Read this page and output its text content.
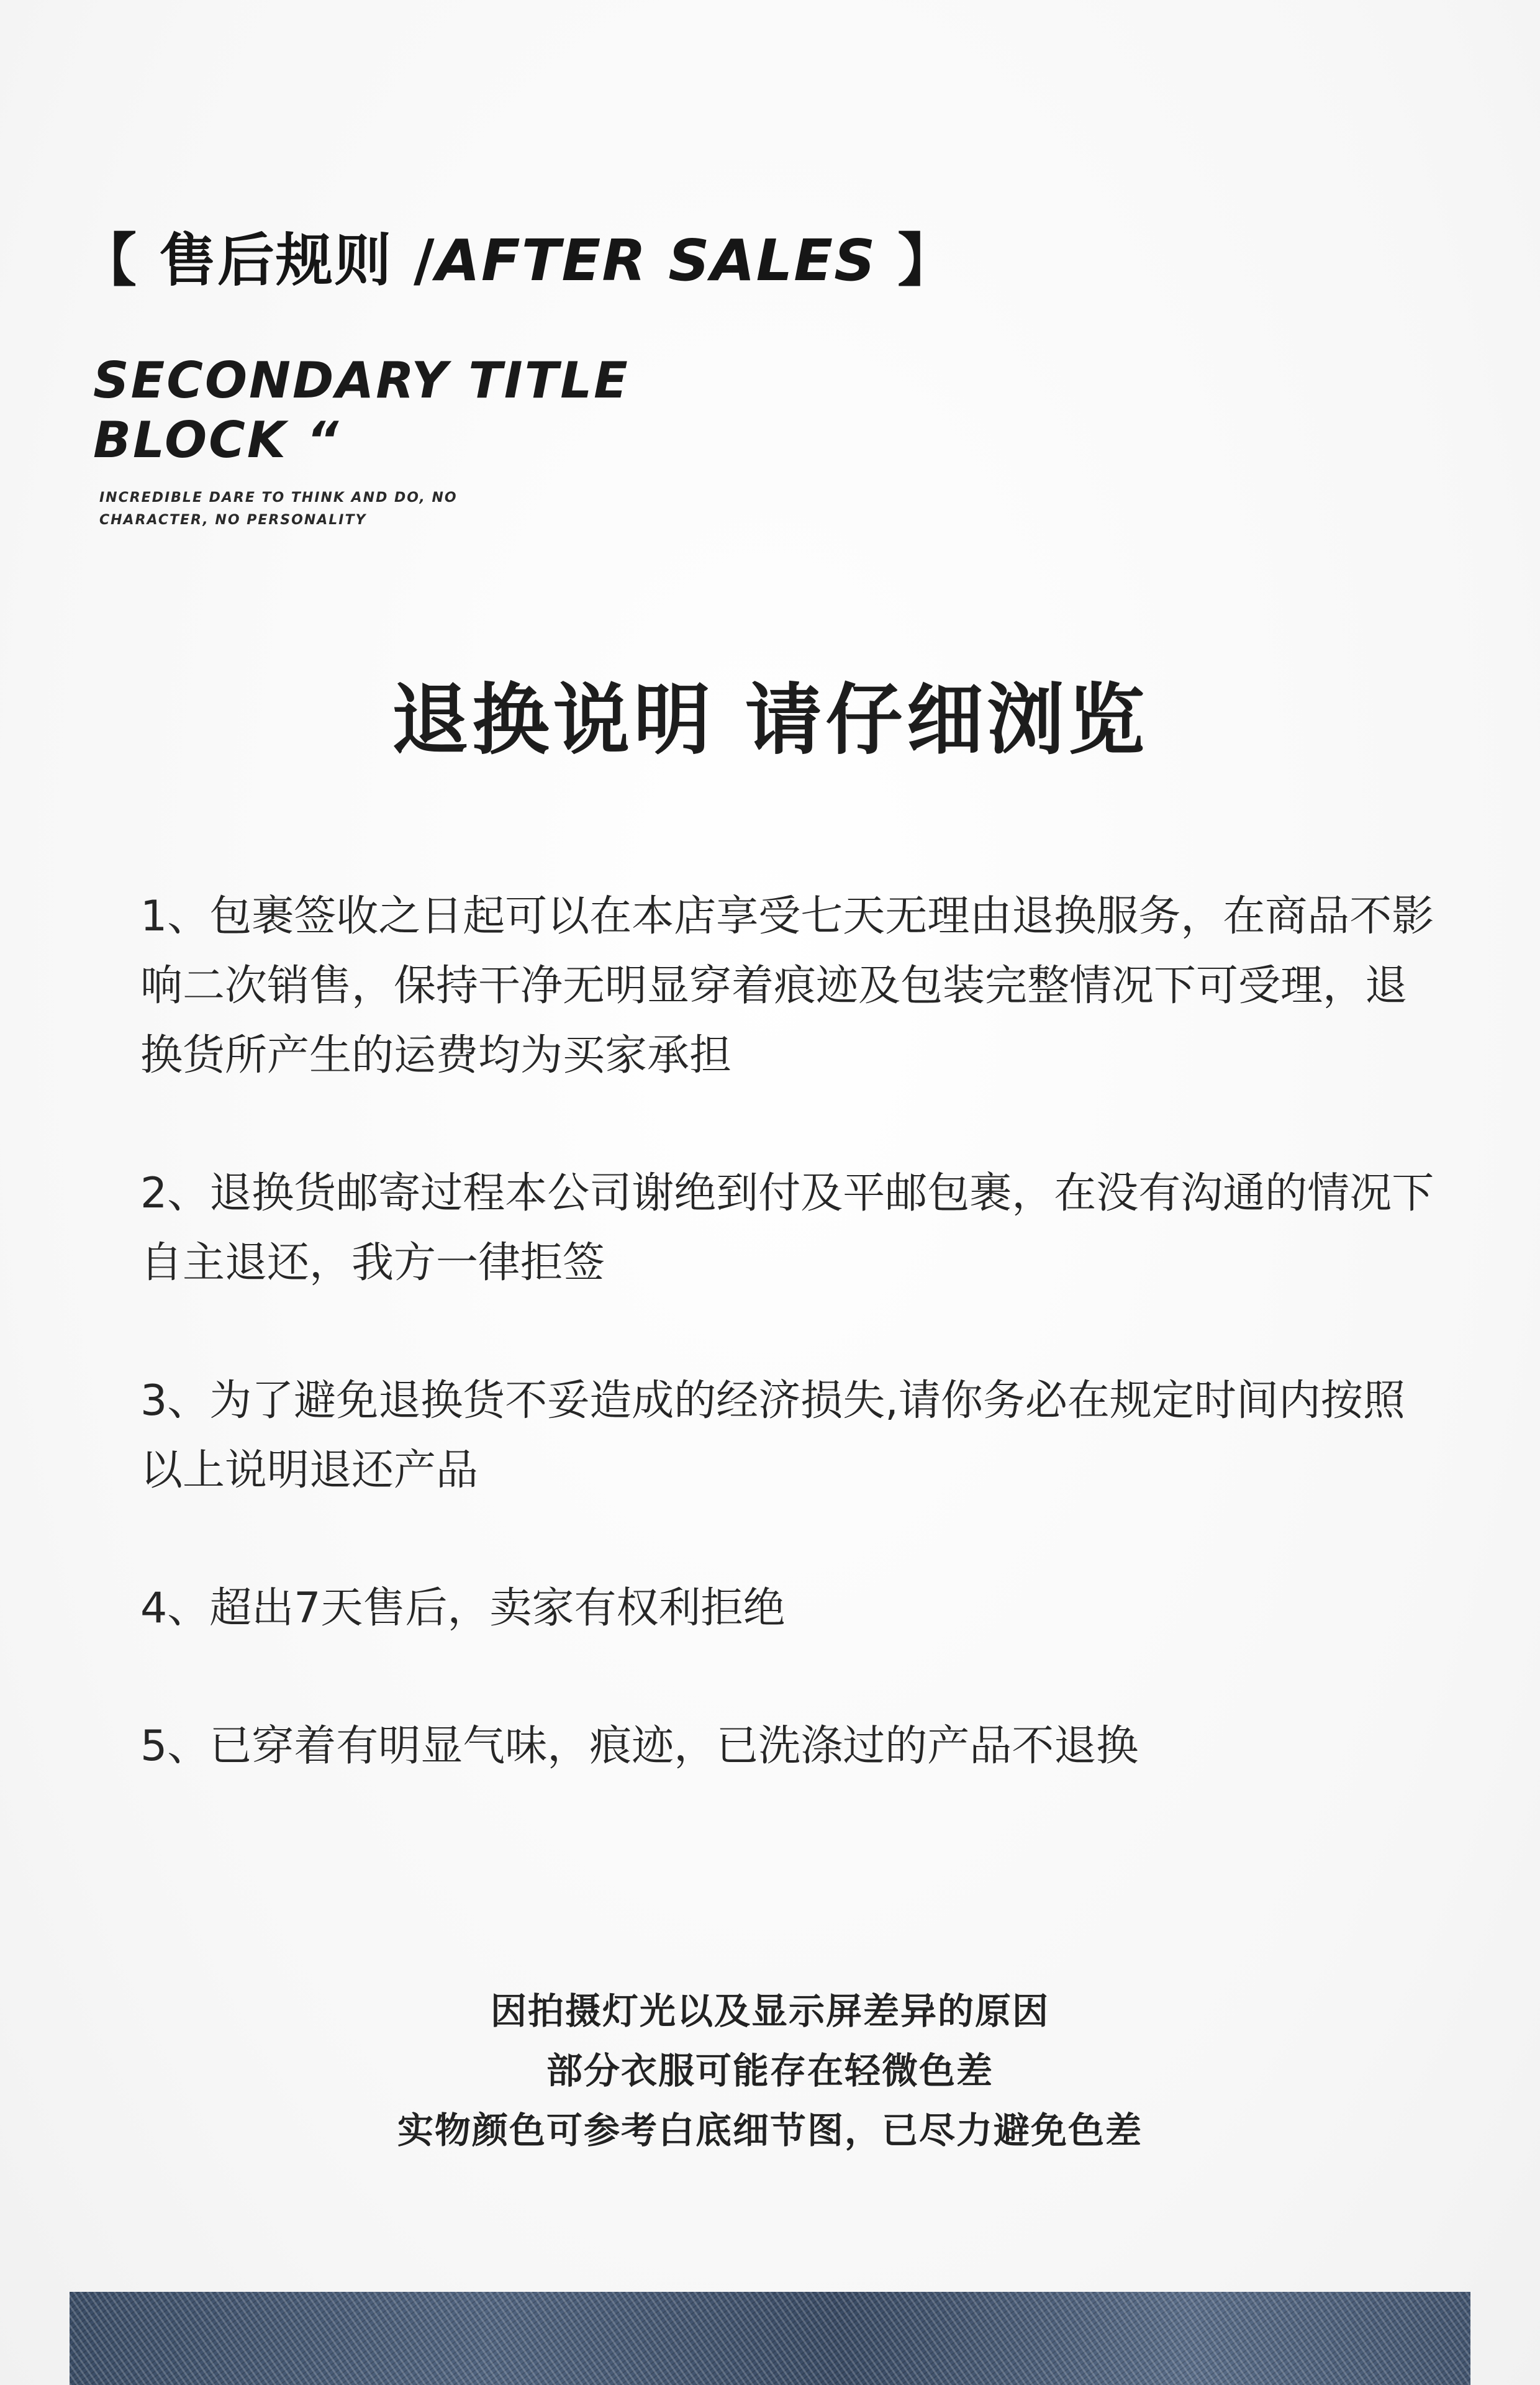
【 售后规则 /AFTER SALES 】
SECONDARY TITLE
BLOCK “
INCREDIBLE DARE TO THINK AND DO, NO CHARACTER, NO PERSONALITY
退换说明 请仔细浏览

1、包裹签收之日起可以在本店享受七天无理由退换服务，在商品不影响二次销售，保持干净无明显穿着痕迹及包装完整情况下可受理，退换货所产生的运费均为买家承担

2、退换货邮寄过程本公司谢绝到付及平邮包裹，在没有沟通的情况下自主退还，我方一律拒签

3、为了避免退换货不妥造成的经济损失,请你务必在规定时间内按照以上说明退还产品

4、超出7天售后，卖家有权利拒绝

5、已穿着有明显气味，痕迹，已洗涤过的产品不退换

因拍摄灯光以及显示屏差异的原因
部分衣服可能存在轻微色差
实物颜色可参考白底细节图，已尽力避免色差
